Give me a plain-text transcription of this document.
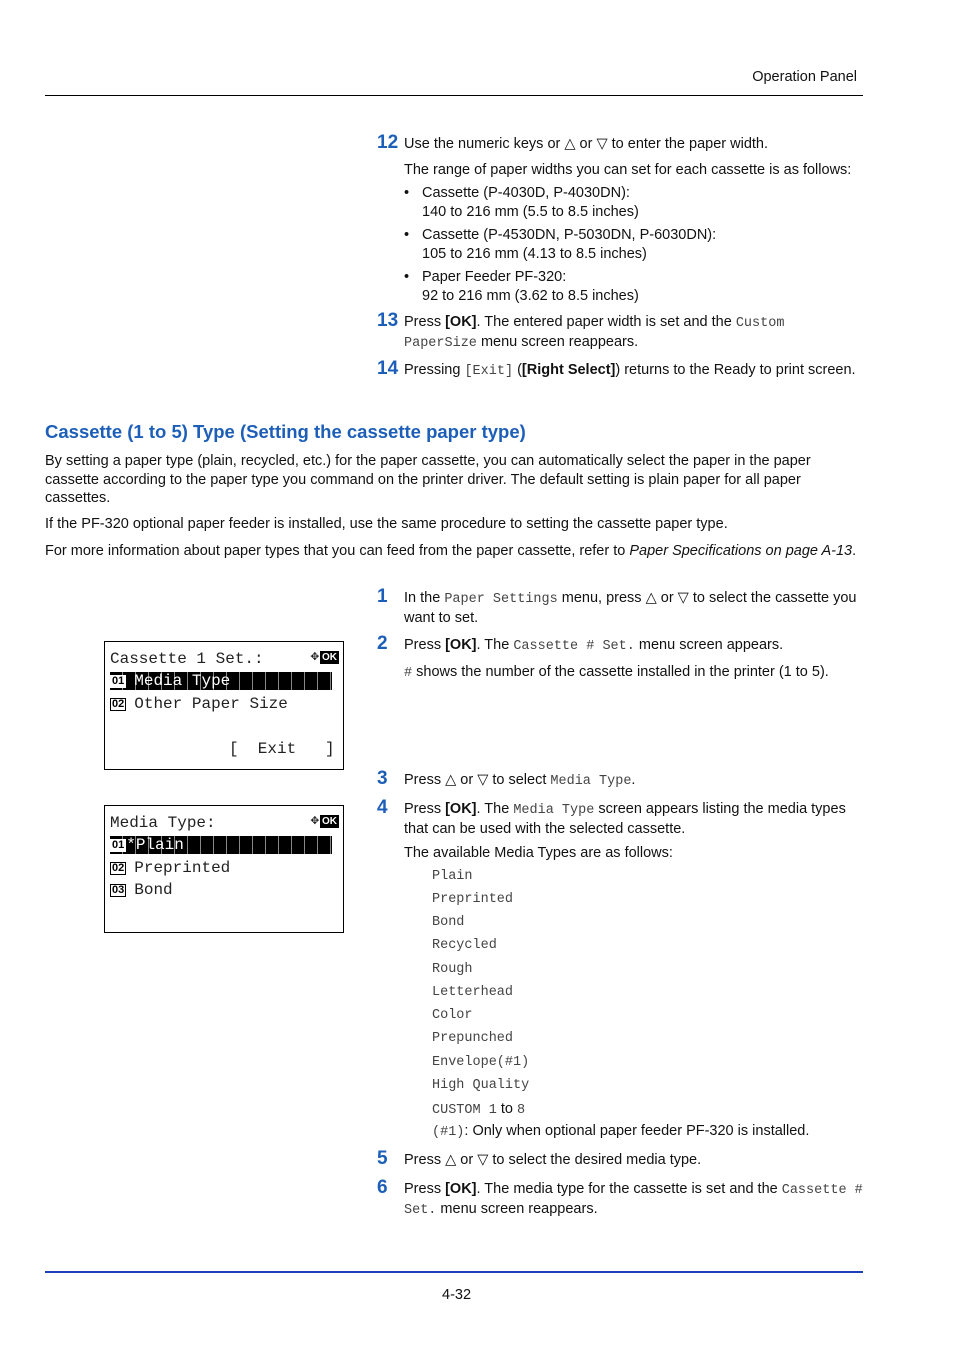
Operation Panel
12 Use the numeric keys or △ or ▽ to enter the paper width.
The range of paper widths you can set for each cassette is as follows:
• Cassette (P-4030D, P-4030DN):
140 to 216 mm (5.5 to 8.5 inches)
• Cassette (P-4530DN, P-5030DN, P-6030DN):
105 to 216 mm (4.13 to 8.5 inches)
• Paper Feeder PF-320:
92 to 216 mm (3.62 to 8.5 inches)
13 Press [OK]. The entered paper width is set and the Custom PaperSize menu screen reappears.
14 Pressing [Exit] ([Right Select]) returns to the Ready to print screen.
Cassette (1 to 5) Type (Setting the cassette paper type)
By setting a paper type (plain, recycled, etc.) for the paper cassette, you can automatically select the paper in the paper cassette according to the paper type you command on the printer driver. The default setting is plain paper for all paper cassettes.
If the PF-320 optional paper feeder is installed, use the same procedure to setting the cassette paper type.
For more information about paper types that you can feed from the paper cassette, refer to Paper Specifications on page A-13.
1 In the Paper Settings menu, press △ or ▽ to select the cassette you want to set.
2 Press [OK]. The Cassette # Set. menu screen appears.
# shows the number of the cassette installed in the printer (1 to 5).
Cassette 1 Set.:	✥ OK
01 Media Type
02 Other Paper Size
[  Exit   ]
Media Type:	✥ OK
01 *Plain
02 Preprinted
03 Bond
3 Press △ or ▽ to select Media Type.
4 Press [OK]. The Media Type screen appears listing the media types that can be used with the selected cassette.
The available Media Types are as follows:
Plain
Preprinted
Bond
Recycled
Rough
Letterhead
Color
Prepunched
Envelope(#1)
High Quality
CUSTOM 1 to 8
(#1): Only when optional paper feeder PF-320 is installed.
5 Press △ or ▽ to select the desired media type.
6 Press [OK]. The media type for the cassette is set and the Cassette # Set. menu screen reappears.
4-32
